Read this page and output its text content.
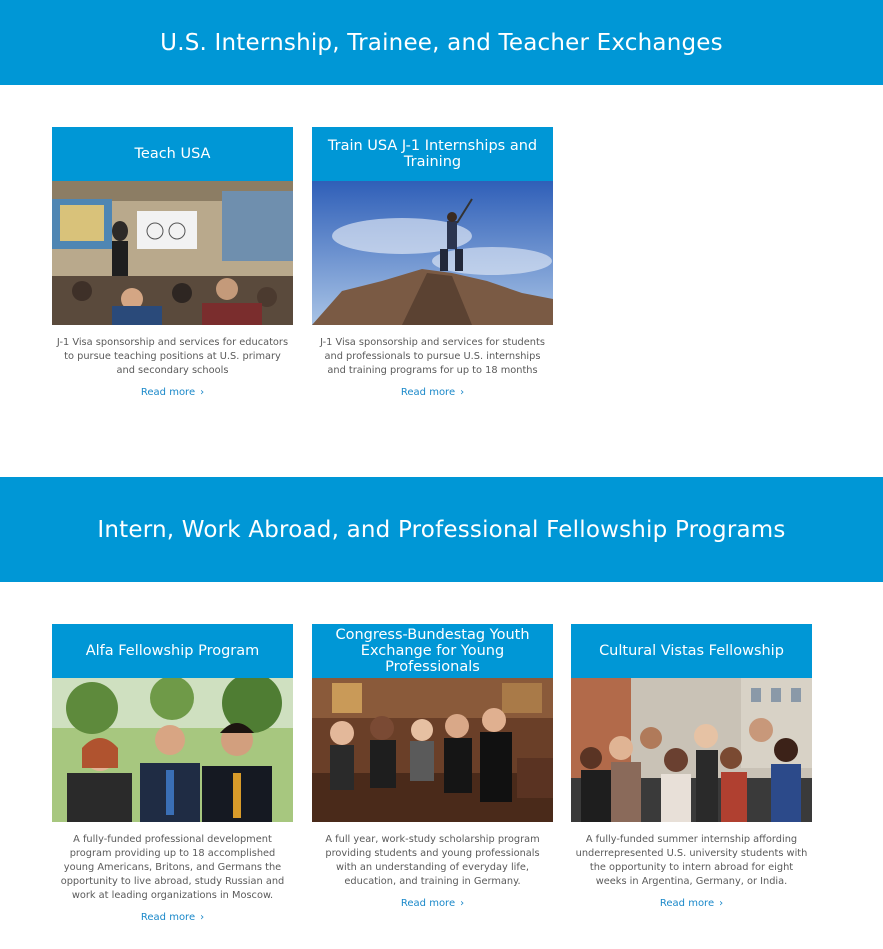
U.S. Internship, Trainee, and Teacher Exchanges
Teach USA
J-1 Visa sponsorship and services for educators to pursue teaching positions at U.S. primary and secondary schools
Read more ›
Train USA J-1 Internships and Training
J-1 Visa sponsorship and services for students and professionals to pursue U.S. internships and training programs for up to 18 months
Read more ›
Intern, Work Abroad, and Professional Fellowship Programs
Alfa Fellowship Program
A fully-funded professional development program providing up to 18 accomplished young Americans, Britons, and Germans the opportunity to live abroad, study Russian and work at leading organizations in Moscow.
Read more ›
Congress-Bundestag Youth Exchange for Young Professionals
A full year, work-study scholarship program providing students and young professionals with an understanding of everyday life, education, and training in Germany.
Read more ›
Cultural Vistas Fellowship
A fully-funded summer internship affording underrepresented U.S. university students with the opportunity to intern abroad for eight weeks in Argentina, Germany, or India.
Read more ›
